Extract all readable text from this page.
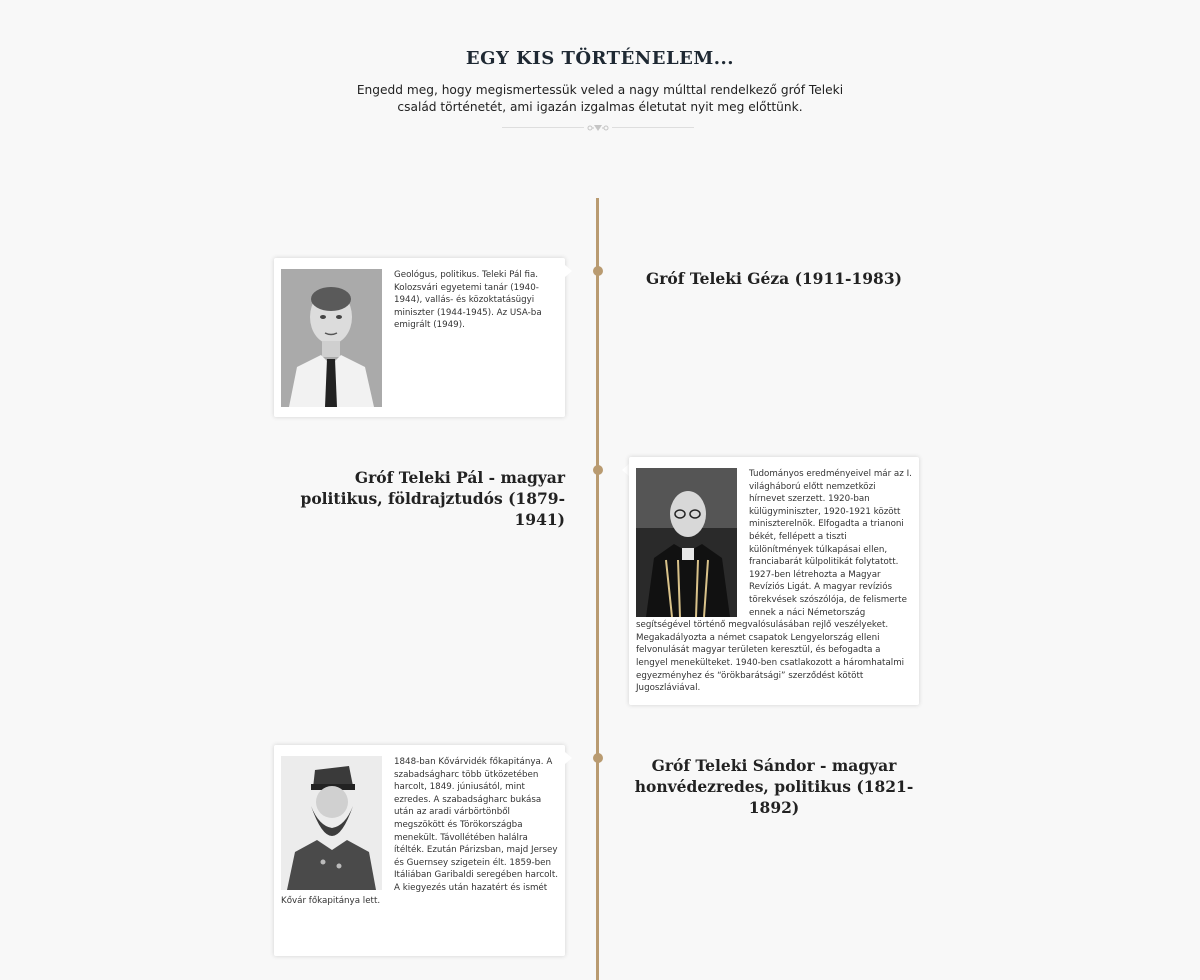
EGY KIS TÖRTÉNELEM...

Engedd meg, hogy megismertessük veled a nagy múlttal rendelkező gróf Teleki család történetét, ami igazán izgalmas életutat nyit meg előttünk.

Geológus, politikus. Teleki Pál fia. Kolozsvári egyetemi tanár (1940-1944), vallás- és közoktatásügyi miniszter (1944-1945). Az USA-ba emigrált (1949).

Gróf Teleki Géza (1911-1983)
Gróf Teleki Pál - magyar politikus, földrajztudós (1879- 1941)

Tudományos eredményeivel már az I. világháború előtt nemzetközi hírnevet szerzett. 1920-ban külügyminiszter, 1920-1921 között miniszterelnök. Elfogadta a trianoni békét, fellépett a tiszti különítmények túlkapásai ellen, franciabarát külpolitikát folytatott. 1927-ben létrehozta a Magyar Revíziós Ligát. A magyar revíziós törekvések szószólója, de felismerte ennek a náci Németország segítségével történő megvalósulásában rejlő veszélyeket. Megakadályozta a német csapatok Lengyelország elleni felvonulását magyar területen keresztül, és befogadta a lengyel menekülteket. 1940-ben csatlakozott a háromhatalmi egyezményhez és “örökbarátsági” szerződést kötött Jugoszláviával.

1848-ban Kővárvidék főkapitánya. A szabadságharc több ütközetében harcolt, 1849. júniusától, mint ezredes. A szabadságharc bukása után az aradi várbörtönből megszökött és Törökországba menekült. Távollétében halálra ítélték. Ezután Párizsban, majd Jersey és Guernsey szigetein élt. 1859-ben Itáliában Garibaldi seregében harcolt. A kiegyezés után hazatért és ismét Kővár főkapitánya lett.

Gróf Teleki Sándor - magyar honvédezredes, politikus (1821- 1892)
